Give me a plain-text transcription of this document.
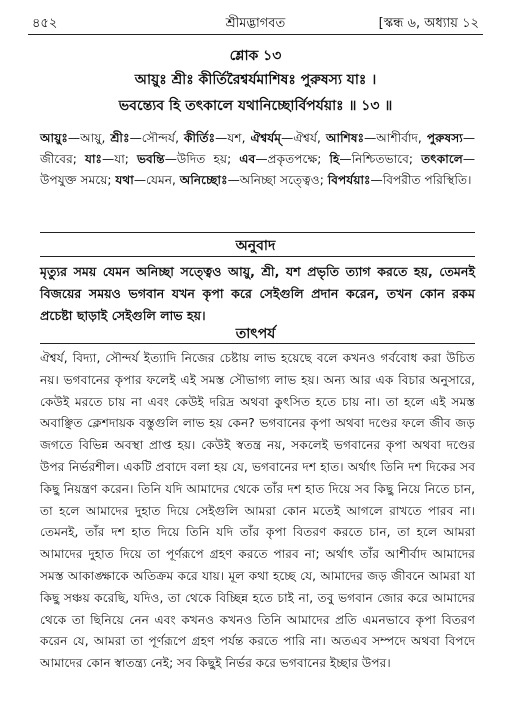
৪৫২	শ্রীমদ্ভাগবত	[স্কন্ধ ৬, অধ্যায় ১২
শ্লোক ১৩
আয়ুঃ শ্রীঃ কীর্তিরৈশ্বর্যমাশিষঃ পুরুষস্য যাঃ ।
ভবন্ত্যেব হি তৎকালে যথানিচ্ছোর্বিপর্যয়াঃ ॥ ১৩ ॥
আয়ুঃ—আয়ু, শ্রীঃ—সৌন্দর্য, কীর্তিঃ—যশ, ঐশ্বর্যম্—ঐশ্বর্য, আশিষঃ—আশীর্বাদ, পুরুষস্য—জীবের; যাঃ—যা; ভবন্তি—উদিত হয়; এব—প্রকৃতপক্ষে; হি—নিশ্চিতভাবে; তৎকালে—উপযুক্ত সময়ে; যথা—যেমন, অনিচ্ছোঃ—অনিচ্ছা সত্ত্বেও; বিপর্যয়াঃ—বিপরীত পরিস্থিতি।
অনুবাদ
মৃত্যুর সময় যেমন অনিচ্ছা সত্ত্বেও আয়ু, শ্রী, যশ প্রভৃতি ত্যাগ করতে হয়, তেমনই বিজয়ের সময়ও ভগবান যখন কৃপা করে সেইগুলি প্রদান করেন, তখন কোন রকম প্রচেষ্টা ছাড়াই সেইগুলি লাভ হয়।
তাৎপর্য
ঐশ্বর্য, বিদ্যা, সৌন্দর্য ইত্যাদি নিজের চেষ্টায় লাভ হয়েছে বলে কখনও গর্ববোধ করা উচিত নয়। ভগবানের কৃপার ফলেই এই সমস্ত সৌভাগ্য লাভ হয়। অন্য আর এক বিচার অনুসারে, কেউই মরতে চায় না এবং কেউই দরিদ্র অথবা কুৎসিত হতে চায় না। তা হলে এই সমস্ত অবাঞ্ছিত ক্লেশদায়ক বস্তুগুলি লাভ হয় কেন? ভগবানের কৃপা অথবা দণ্ডের ফলে জীব জড় জগতে বিভিন্ন অবস্থা প্রাপ্ত হয়। কেউই স্বতন্ত্র নয়, সকলেই ভগবানের কৃপা অথবা দণ্ডের উপর নির্ভরশীল। একটি প্রবাদে বলা হয় যে, ভগবানের দশ হাত। অর্থাৎ তিনি দশ দিকের সব কিছু নিয়ন্ত্রণ করেন। তিনি যদি আমাদের থেকে তাঁর দশ হাত দিয়ে সব কিছু নিয়ে নিতে চান, তা হলে আমাদের দুহাত দিয়ে সেইগুলি আমরা কোন মতেই আগলে রাখতে পারব না। তেমনই, তাঁর দশ হাত দিয়ে তিনি যদি তাঁর কৃপা বিতরণ করতে চান, তা হলে আমরা আমাদের দুহাত দিয়ে তা পূর্ণরূপে গ্রহণ করতে পারব না; অর্থাৎ তাঁর আশীর্বাদ আমাদের সমস্ত আকাঙ্ক্ষাকে অতিক্রম করে যায়। মূল কথা হচ্ছে যে, আমাদের জড় জীবনে আমরা যা কিছু সঞ্চয় করেছি, যদিও, তা থেকে বিচ্ছিন্ন হতে চাই না, তবু ভগবান জোর করে আমাদের থেকে তা ছিনিয়ে নেন এবং কখনও কখনও তিনি আমাদের প্রতি এমনভাবে কৃপা বিতরণ করেন যে, আমরা তা পূর্ণরূপে গ্রহণ পর্যন্ত করতে পারি না। অতএব সম্পদে অথবা বিপদে আমাদের কোন স্বাতন্ত্র্য নেই; সব কিছুই নির্ভর করে ভগবানের ইচ্ছার উপর।
